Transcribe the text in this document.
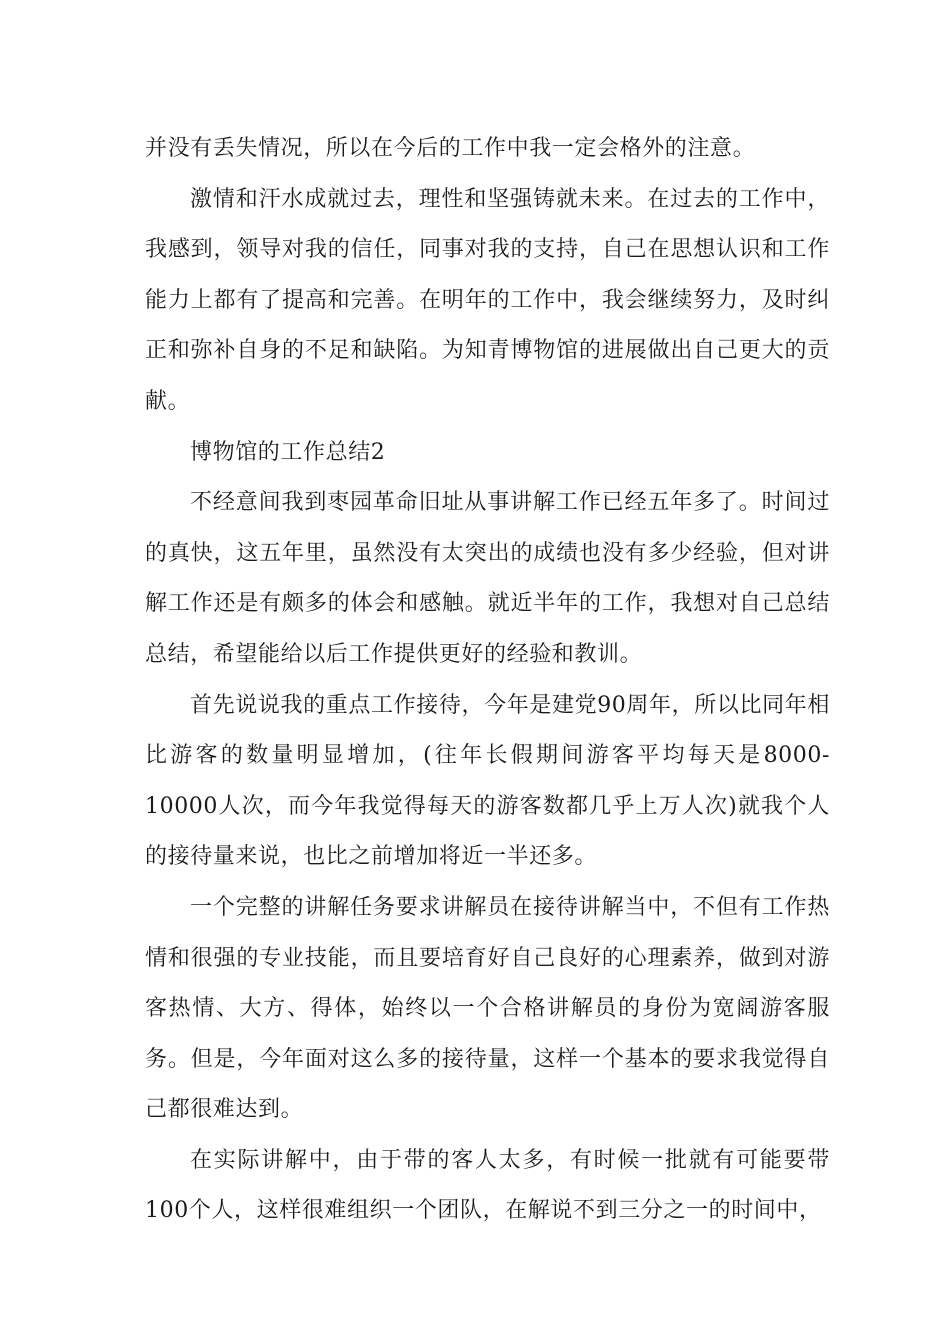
并没有丢失情况，所以在今后的工作中我一定会格外的注意。

激情和汗水成就过去，理性和坚强铸就未来。在过去的工作中，我感到，领导对我的信任，同事对我的支持，自己在思想认识和工作能力上都有了提高和完善。在明年的工作中，我会继续努力，及时纠正和弥补自身的不足和缺陷。为知青博物馆的进展做出自己更大的贡献。

博物馆的工作总结2

不经意间我到枣园革命旧址从事讲解工作已经五年多了。时间过的真快，这五年里，虽然没有太突出的成绩也没有多少经验，但对讲解工作还是有颇多的体会和感触。就近半年的工作，我想对自己总结总结，希望能给以后工作提供更好的经验和教训。

首先说说我的重点工作接待，今年是建党90周年，所以比同年相比游客的数量明显增加，(往年长假期间游客平均每天是8000-10000人次，而今年我觉得每天的游客数都几乎上万人次)就我个人的接待量来说，也比之前增加将近一半还多。

一个完整的讲解任务要求讲解员在接待讲解当中，不但有工作热情和很强的专业技能，而且要培育好自己良好的心理素养，做到对游客热情、大方、得体，始终以一个合格讲解员的身份为宽阔游客服务。但是，今年面对这么多的接待量，这样一个基本的要求我觉得自己都很难达到。

在实际讲解中，由于带的客人太多，有时候一批就有可能要带100个人，这样很难组织一个团队，在解说不到三分之一的时间中，
